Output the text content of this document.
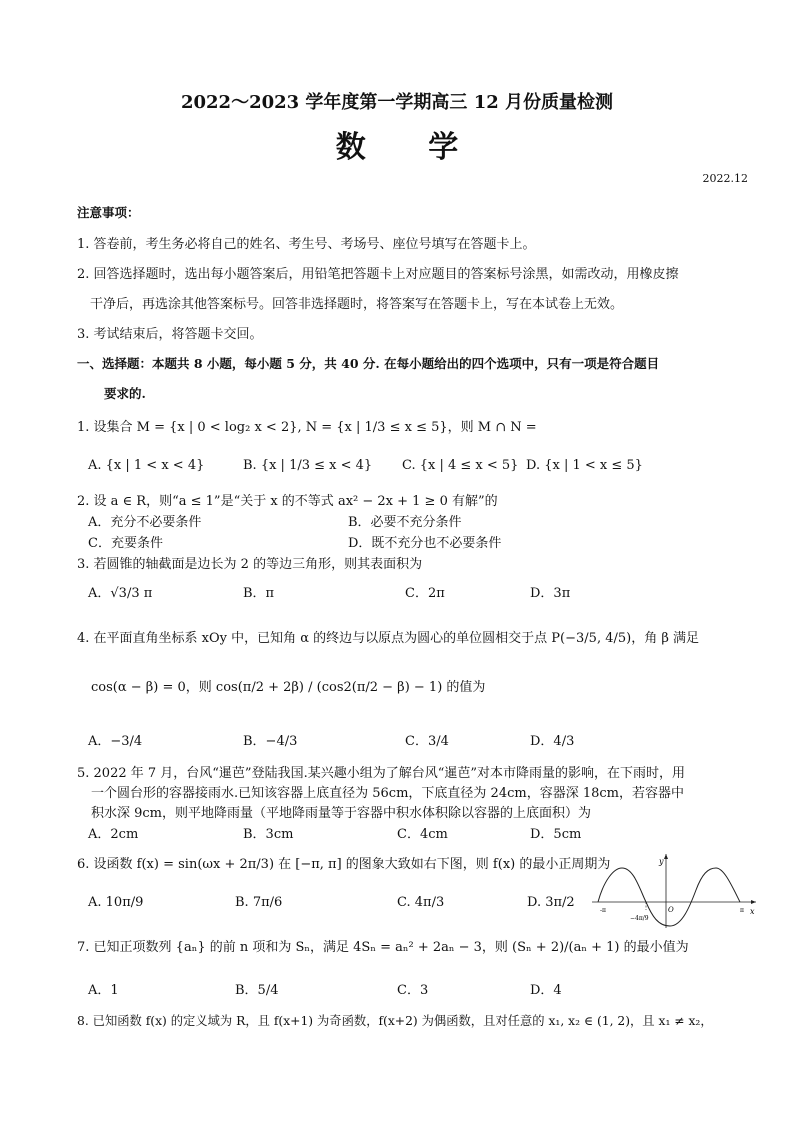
2022～2023 学年度第一学期高三 12 月份质量检测
数 学
2022.12
注意事项：
1. 答卷前，考生务必将自己的姓名、考生号、考场号、座位号填写在答题卡上。
2. 回答选择题时，选出每小题答案后，用铅笔把答题卡上对应题目的答案标号涂黑，如需改动，用橡皮擦
干净后，再选涂其他答案标号。回答非选择题时，将答案写在答题卡上，写在本试卷上无效。
3. 考试结束后，将答题卡交回。
一、选择题：本题共 8 小题，每小题 5 分，共 40 分. 在每小题给出的四个选项中，只有一项是符合题目
要求的.
1. 设集合 M = {x | 0 < log₂ x < 2}, N = {x | 1/3 ≤ x ≤ 5}，则 M ∩ N =
A. {x | 1 < x < 4}	B. {x | 1/3 ≤ x < 4} C. {x | 4 ≤ x < 5} D. {x | 1 < x ≤ 5}
2. 设 a ∈ R，则“a ≤ 1”是“关于 x 的不等式 ax² − 2x + 1 ≥ 0 有解”的
A．充分不必要条件	B．必要不充分条件
C．充要条件	D．既不充分也不必要条件
3. 若圆锥的轴截面是边长为 2 的等边三角形，则其表面积为
A．√3/3 π	B．π	C．2π	D．3π
4. 在平面直角坐标系 xOy 中，已知角 α 的终边与以原点为圆心的单位圆相交于点 P(−3/5, 4/5)，角 β 满足
cos(α − β) = 0，则 cos(π/2 + 2β) / (cos2(π/2 − β) − 1) 的值为
A．−3/4	B．−4/3	C．3/4	D．4/3
5. 2022 年 7 月，台风“暹芭”登陆我国.某兴趣小组为了解台风“暹芭”对本市降雨量的影响，在下雨时，用
一个圆台形的容器接雨水.已知该容器上底直径为 56cm，下底直径为 24cm，容器深 18cm，若容器中
积水深 9cm，则平地降雨量（平地降雨量等于容器中积水体积除以容器的上底面积）为
A．2cm	B．3cm	C．4cm	D．5cm
6. 设函数 f(x) = sin(ωx + 2π/3) 在 [−π, π] 的图象大致如右下图，则 f(x) 的最小正周期为
A. 10π/9	B. 7π/6	C. 4π/3	D. 3π/2
y
x
O
-π	π
−4π/9
7. 已知正项数列 {aₙ} 的前 n 项和为 Sₙ，满足 4Sₙ = aₙ² + 2aₙ − 3，则 (Sₙ + 2)/(aₙ + 1) 的最小值为
A．1	B．5/4	C．3	D．4
8. 已知函数 f(x) 的定义域为 R，且 f(x+1) 为奇函数，f(x+2) 为偶函数，且对任意的 x₁, x₂ ∈ (1, 2)，且 x₁ ≠ x₂，
